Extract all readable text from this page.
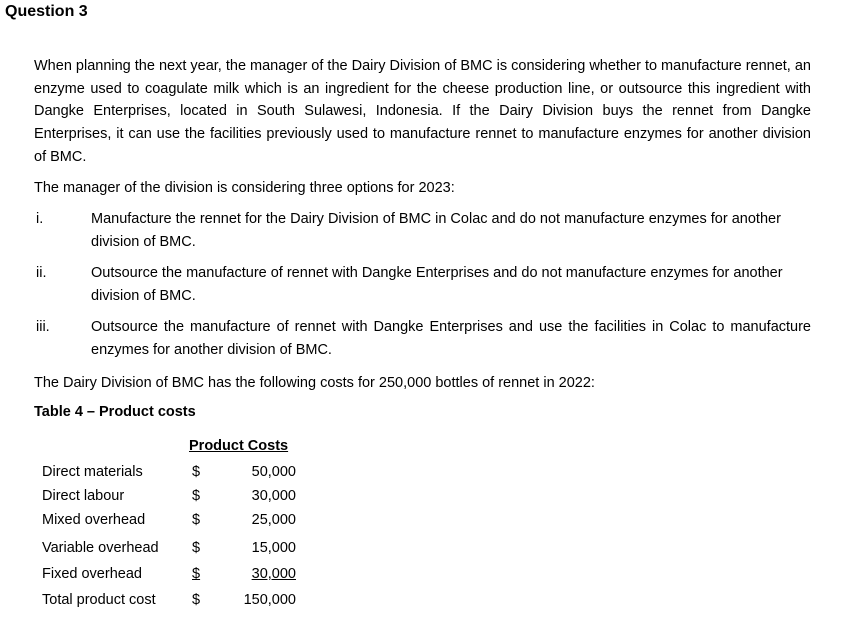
Question 3
When planning the next year, the manager of the Dairy Division of BMC is considering whether to manufacture rennet, an enzyme used to coagulate milk which is an ingredient for the cheese production line, or outsource this ingredient with Dangke Enterprises, located in South Sulawesi, Indonesia. If the Dairy Division buys the rennet from Dangke Enterprises, it can use the facilities previously used to manufacture rennet to manufacture enzymes for another division of BMC.
The manager of the division is considering three options for 2023:
i.	Manufacture the rennet for the Dairy Division of BMC in Colac and do not manufacture enzymes for another division of BMC.
ii.	Outsource the manufacture of rennet with Dangke Enterprises and do not manufacture enzymes for another division of BMC.
iii.	Outsource the manufacture of rennet with Dangke Enterprises and use the facilities in Colac to manufacture enzymes for another division of BMC.
The Dairy Division of BMC has the following costs for 250,000 bottles of rennet in 2022:
Table 4 – Product costs
Product Costs
Direct materials	$	50,000
Direct labour	$	30,000
Mixed overhead	$	25,000
Variable overhead $	15,000
Fixed overhead	$	30,000
Total product cost	$	150,000
